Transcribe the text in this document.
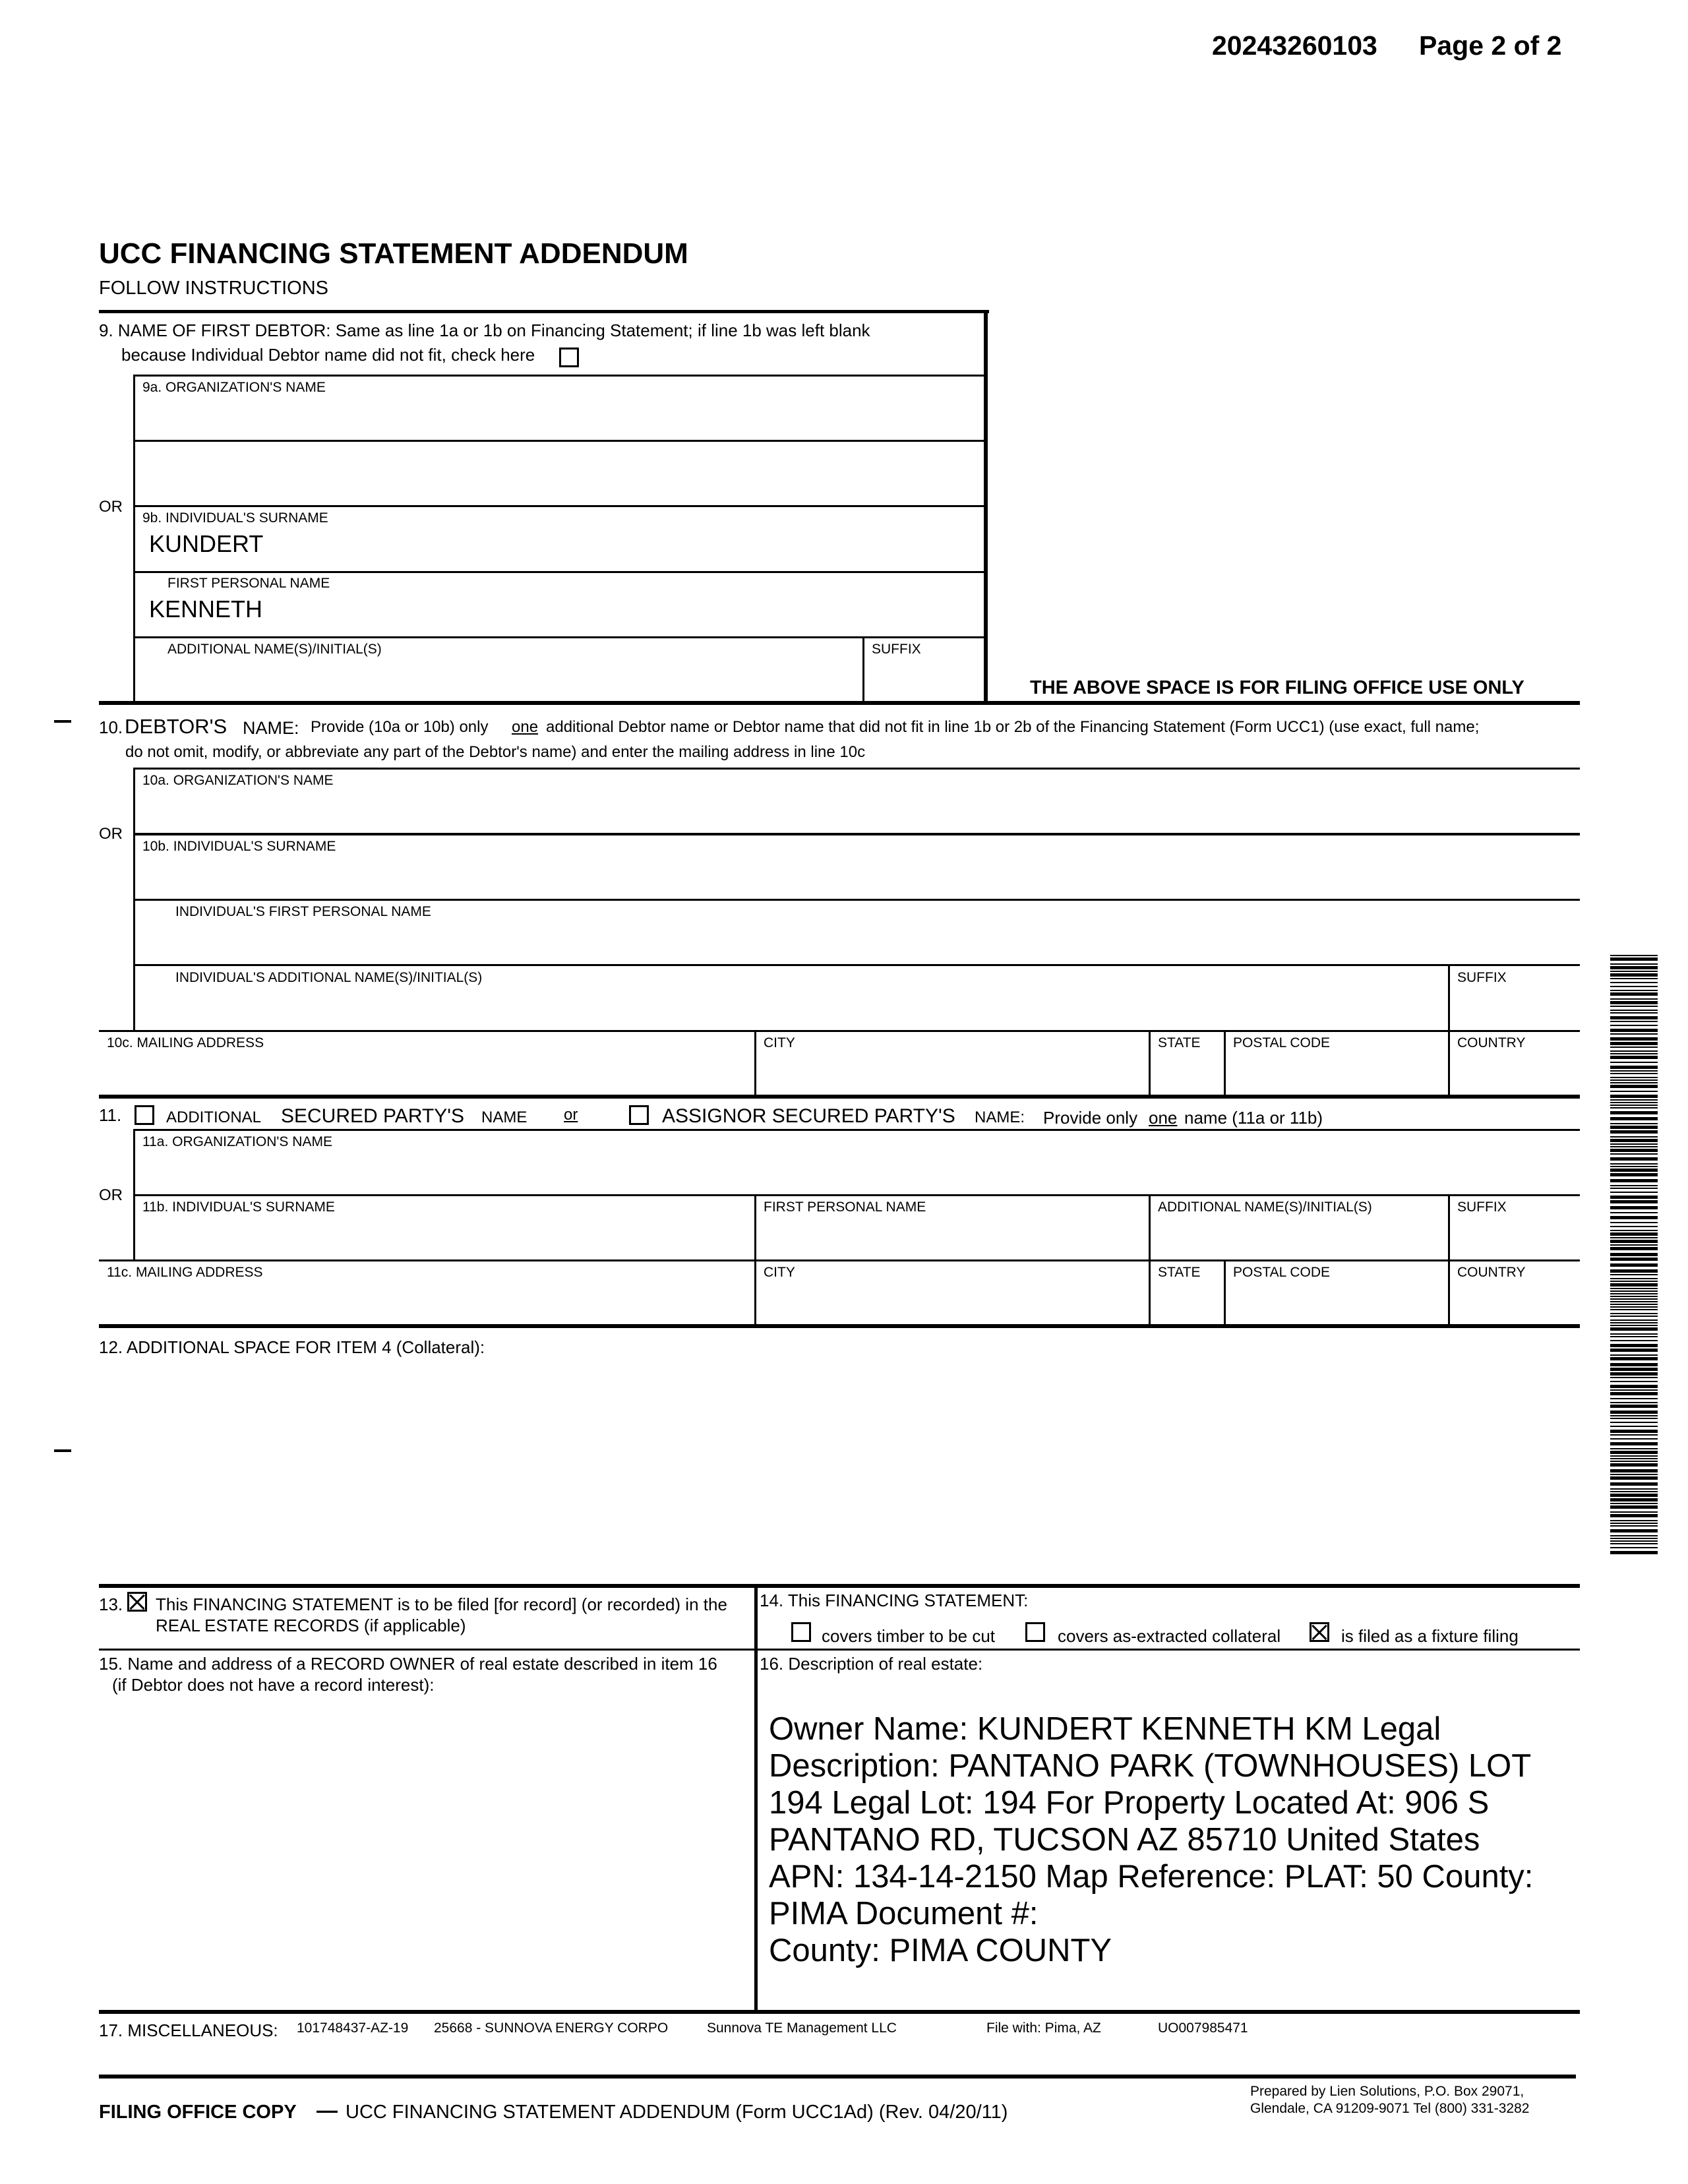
20243260103 Page 2 of 2
UCC FINANCING STATEMENT ADDENDUM
FOLLOW INSTRUCTIONS
9. NAME OF FIRST DEBTOR: Same as line 1a or 1b on Financing Statement; if line 1b was left blank
because Individual Debtor name did not fit, check here
9a. ORGANIZATION'S NAME
OR
9b. INDIVIDUAL'S SURNAME
KUNDERT
FIRST PERSONAL NAME
KENNETH
ADDITIONAL NAME(S)/INITIAL(S)	SUFFIX
THE ABOVE SPACE IS FOR FILING OFFICE USE ONLY
10. DEBTOR'S NAME: Provide (10a or 10b) only one additional Debtor name or Debtor name that did not fit in line 1b or 2b of the Financing Statement (Form UCC1) (use exact, full name;
do not omit, modify, or abbreviate any part of the Debtor's name) and enter the mailing address in line 10c
10a. ORGANIZATION'S NAME
OR
10b. INDIVIDUAL'S SURNAME
INDIVIDUAL'S FIRST PERSONAL NAME
INDIVIDUAL'S ADDITIONAL NAME(S)/INITIAL(S)	SUFFIX
10c. MAILING ADDRESS	CITY	STATE POSTAL CODE	COUNTRY
11.	ADDITIONAL SECURED PARTY'S NAME or	ASSIGNOR SECURED PARTY'S NAME: Provide only one name (11a or 11b)
11a. ORGANIZATION'S NAME
OR
11b. INDIVIDUAL'S SURNAME	FIRST PERSONAL NAME	ADDITIONAL NAME(S)/INITIAL(S)	SUFFIX
11c. MAILING ADDRESS	CITY	STATE POSTAL CODE	COUNTRY
12. ADDITIONAL SPACE FOR ITEM 4 (Collateral):
13. This FINANCING STATEMENT is to be filed [for record] (or recorded) in the
REAL ESTATE RECORDS (if applicable)
14. This FINANCING STATEMENT:
covers timber to be cut	covers as-extracted collateral	is filed as a fixture filing
15. Name and address of a RECORD OWNER of real estate described in item 16
(if Debtor does not have a record interest):
16. Description of real estate:
Owner Name: KUNDERT KENNETH KM Legal
Description: PANTANO PARK (TOWNHOUSES) LOT
194 Legal Lot: 194 For Property Located At: 906 S
PANTANO RD, TUCSON AZ 85710 United States
APN: 134-14-2150 Map Reference: PLAT: 50 County:
PIMA Document #:
County: PIMA COUNTY
17. MISCELLANEOUS: 101748437-AZ-19 25668 - SUNNOVA ENERGY CORPO	Sunnova TE Management LLC	File with: Pima, AZ	UO007985471
FILING OFFICE COPY — UCC FINANCING STATEMENT ADDENDUM (Form UCC1Ad) (Rev. 04/20/11)
Prepared by Lien Solutions, P.O. Box 29071,
Glendale, CA 91209-9071 Tel (800) 331-3282
